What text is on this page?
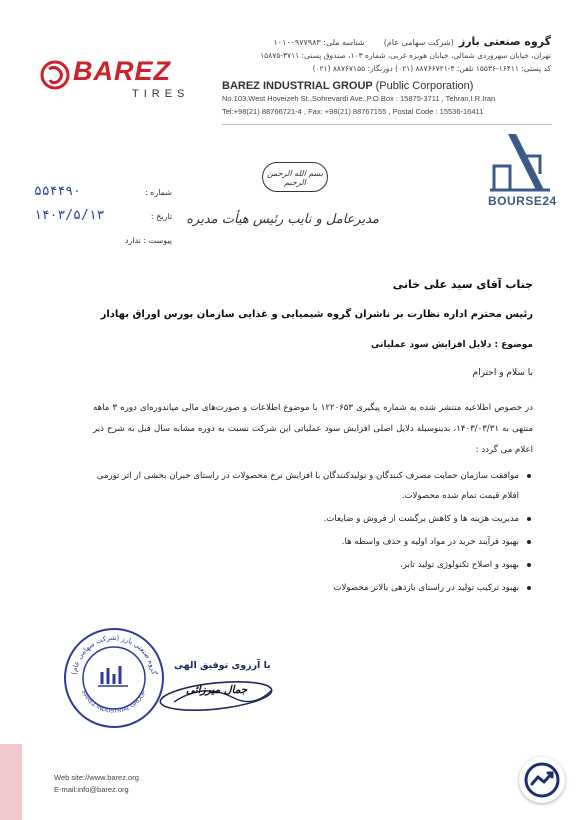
BAREZ
TIRES
گروه صنعتی بارز (شرکت سهامی عام) شناسه ملی: ۱۰۱۰۰۹۷۷۹۸۳
تهران، خیابان سهروردی شمالی، خیابان هویزه غربی، شماره ۱۰۳، صندوق پستی: ۳۷۱۱-۱۵۸۷۵
کد پستی: ۱۶۴۱۱-۱۵۵۳۶ تلفن: ۴-۸۸۷۶۶۷۲۱ (۰۲۱) دورنگار: ۸۸۷۶۷۱۵۵ (۰۲۱)
BAREZ INDUSTRIAL GROUP (Public Corporation)
No.103,West Hoveizeh St.,Sohrevardi Ave.,P.O.Box : 15875-3711 , Tehran,I.R.Iran
Tel:+98(21) 88766721-4 , Fax: +98(21) 88767155 , Postal Code : 15536-16411
BOURSE24
بسم الله الرحمن الرحیم
مدیرعامل و نایب رئیس هیأت مدیره
شماره :
۵۵۴۴۹۰
تاریخ :
۱۴۰۳/۵/۱۳
پیوست : ندارد
جناب آقای سید علی خانی
رئیس محترم اداره نظارت بر ناشران گروه شیمیایی و غذایی سازمان بورس اوراق بهادار
موضوع : دلایل افزایش سود عملیاتی
با سلام و احترام
در خصوص اطلاعیه منتشر شده به شماره پیگیری ۱۲۲۰۶۵۳ با موضوع اطلاعات و صورت‌های مالی میاندوره‌ای دوره ۳ ماهه منتهی به ۱۴۰۳/۰۳/۳۱، بدینوسیله دلایل اصلی افزایش سود عملیاتی این شرکت نسبت به دوره مشابه سال قبل به شرح ذیر اعلام می گردد :
موافقت سازمان حمایت مصرف کنندگان و تولیدکنندگان با افزایش نرخ محصولات در راستای جبران بخشی از اثر تورمی اقلام قیمت تمام شده محصولات.
مدیریت هزینه ها و کاهش برگشت از فروش و ضایعات.
بهبود فرآیند خرید در مواد اولیه و حذف واسطه ها.
بهبود و اصلاح تکنولوژی تولید تایر.
بهبود ترکیب تولید در راستای بازدهی بالاتر محصولات
گروه صنعتی بارز (شرکت سهامی عام)
BAREZ INDUSTRIAL GROUP
با آرزوی توفیق الهی
جمال میرزائی
Web site://www.barez.org
E-mail:info@barez.org
